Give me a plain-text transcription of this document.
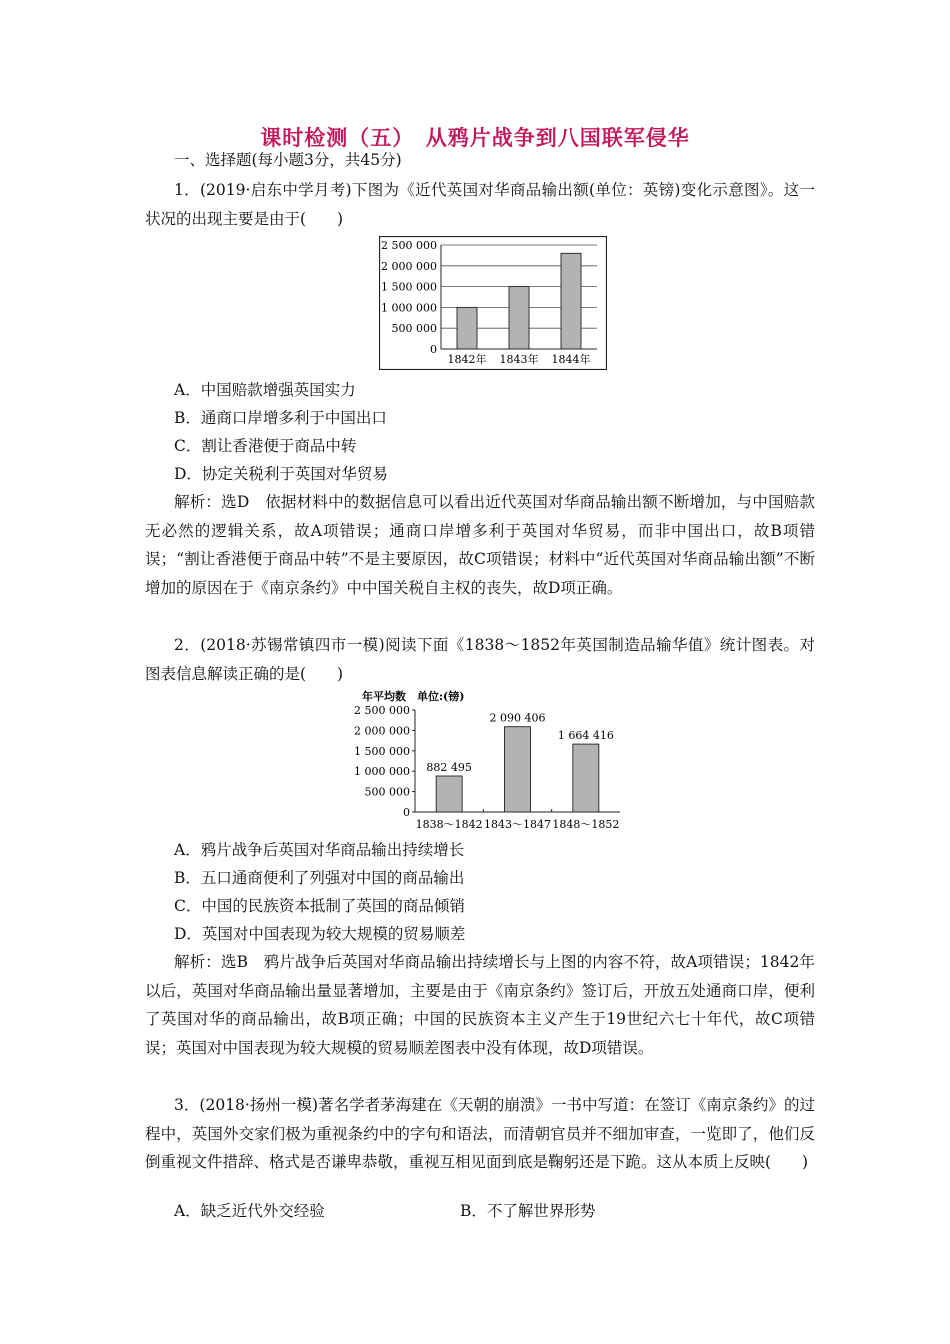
课时检测（五）　从鸦片战争到八国联军侵华
一、选择题(每小题3分，共45分)
1．(2019·启东中学月考)下图为《近代英国对华商品输出额(单位：英镑)变化示意图》。这一状况的出现主要是由于(　　)
0
500 000
1 000 000
1 500 000
2 000 000
2 500 000
1842年 1843年 1844年
A．中国赔款增强英国实力
B．通商口岸增多利于中国出口
C．割让香港便于商品中转
D．协定关税利于英国对华贸易
解析：选D　依据材料中的数据信息可以看出近代英国对华商品输出额不断增加，与中国赔款无必然的逻辑关系，故A项错误；通商口岸增多利于英国对华贸易，而非中国出口，故B项错误；“割让香港便于商品中转”不是主要原因，故C项错误；材料中“近代英国对华商品输出额”不断增加的原因在于《南京条约》中中国关税自主权的丧失，故D项正确。
2．(2018·苏锡常镇四市一模)阅读下面《1838～1852年英国制造品输华值》统计图表。对图表信息解读正确的是(　　)
年平均数　单位:(镑)
0
500 000
1 000 000
1 500 000
2 000 000
2 500 000
882 495
1838～1842
2 090 406
1843～1847
1 664 416
1848～1852
A．鸦片战争后英国对华商品输出持续增长
B．五口通商便利了列强对中国的商品输出
C．中国的民族资本抵制了英国的商品倾销
D．英国对中国表现为较大规模的贸易顺差
解析：选B　鸦片战争后英国对华商品输出持续增长与上图的内容不符，故A项错误；1842年以后，英国对华商品输出量显著增加，主要是由于《南京条约》签订后，开放五处通商口岸，便利了英国对华的商品输出，故B项正确；中国的民族资本主义产生于19世纪六七十年代，故C项错误；英国对中国表现为较大规模的贸易顺差图表中没有体现，故D项错误。
3．(2018·扬州一模)著名学者茅海建在《天朝的崩溃》一书中写道：在签订《南京条约》的过程中，英国外交家们极为重视条约中的字句和语法，而清朝官员并不细加审查，一览即了，他们反倒重视文件措辞、格式是否谦卑恭敬，重视互相见面到底是鞠躬还是下跪。这从本质上反映(　　)
A．缺乏近代外交经验	B．不了解世界形势
